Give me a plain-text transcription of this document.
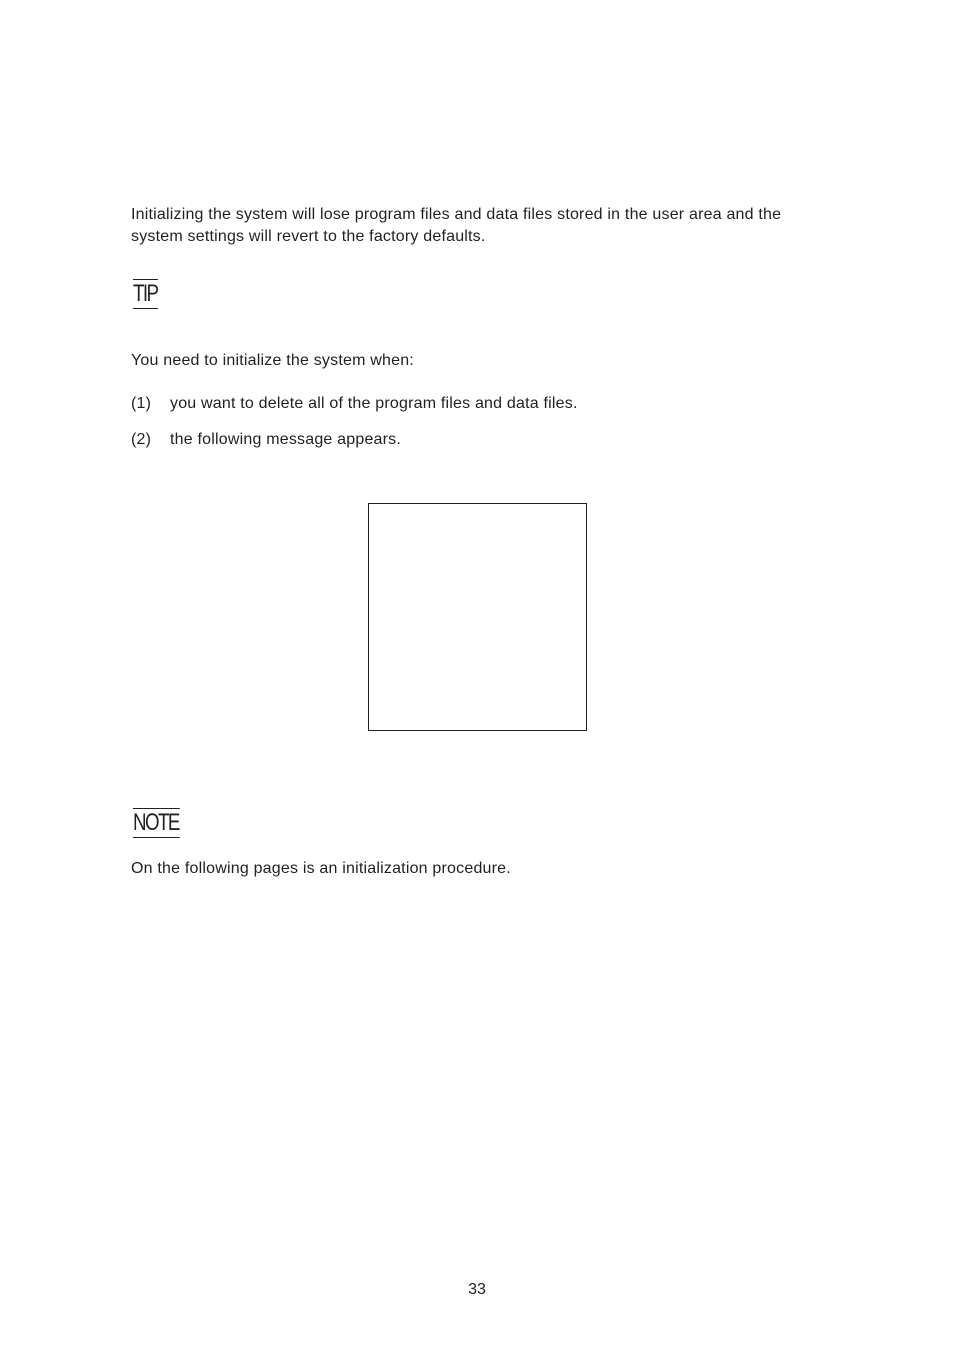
Initializing the system will lose program files and data files stored in the user area and the system settings will revert to the factory defaults.

TIP

You need to initialize the system when:

(1) you want to delete all of the program files and data files.
(2) the following message appears.
NOTE

On the following pages is an initialization procedure.

33
